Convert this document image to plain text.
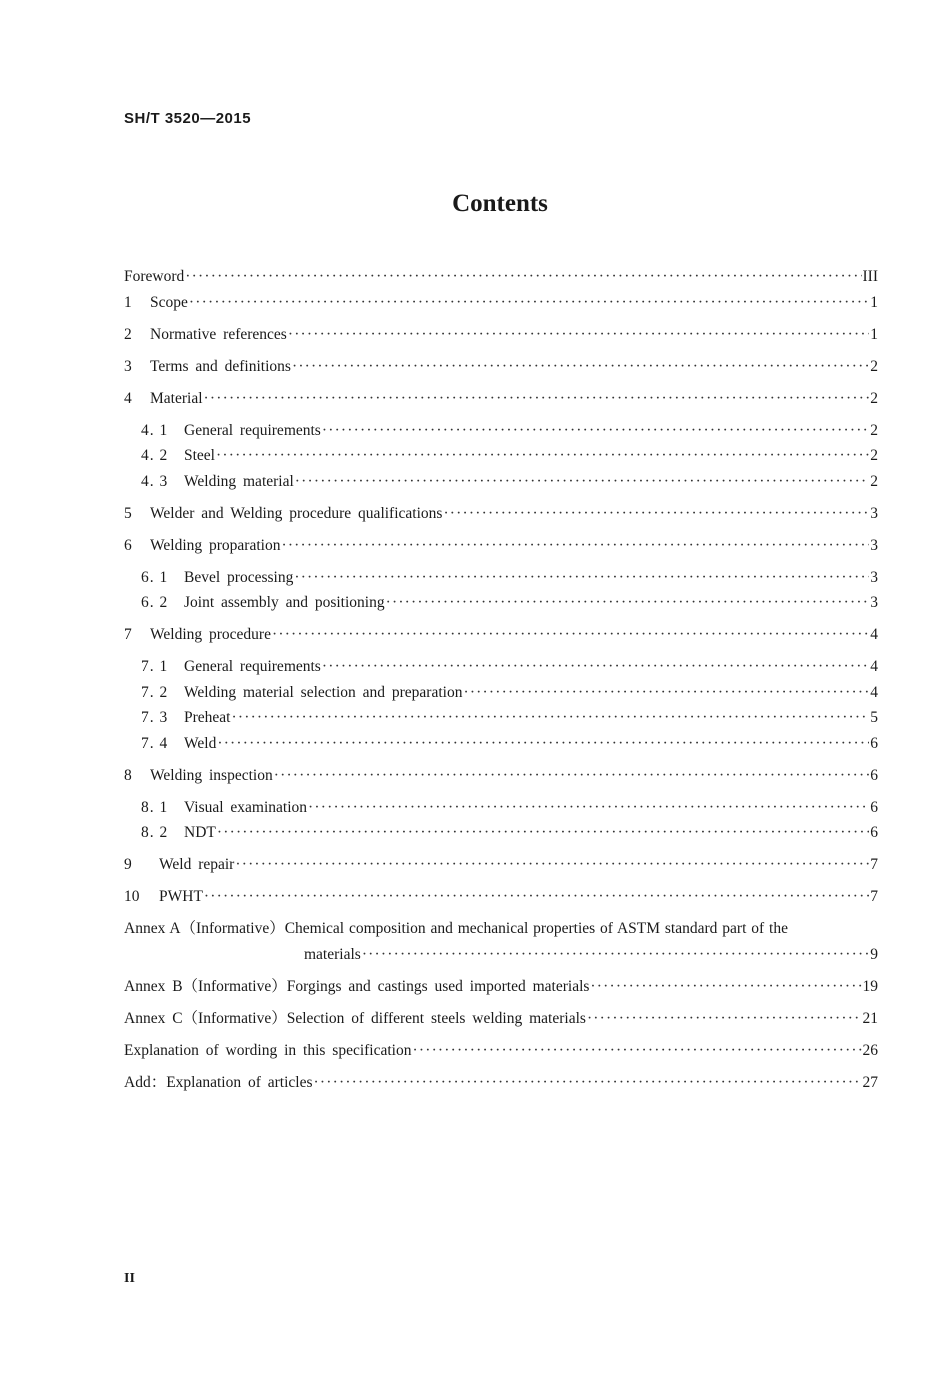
SH/T 3520—2015
Contents
Foreword ·····	III
1	Scope ·····	1
2	Normative references ·····	1
3	Terms and definitions ·····	2
4	Material ·····	2
4. 1	General requirements ·····	2
4. 2	Steel ·····	2
4. 3	Welding material ·····	2
5	Welder and Welding procedure qualifications ·····	3
6	Welding proparation ·····	3
6. 1	Bevel processing ·····	3
6. 2	Joint assembly and positioning ·····	3
7	Welding procedure ·····	4
7. 1	General requirements ·····	4
7. 2	Welding material selection and preparation ·····	4
7. 3	Preheat ·····	5
7. 4	Weld ·····	6
8	Welding inspection ·····	6
8. 1	Visual examination ·····	6
8. 2	NDT ·····	6
9	Weld repair ·····	7
10	PWHT ·····	7
Annex A（Informative）Chemical composition and mechanical properties of ASTM standard part of the
materials ·····	9
Annex B（Informative）Forgings and castings used imported materials ·····	19
Annex C（Informative）Selection of different steels welding materials ·····	21
Explanation of wording in this specification ·····	26
Add：Explanation of articles ·····	27
II
